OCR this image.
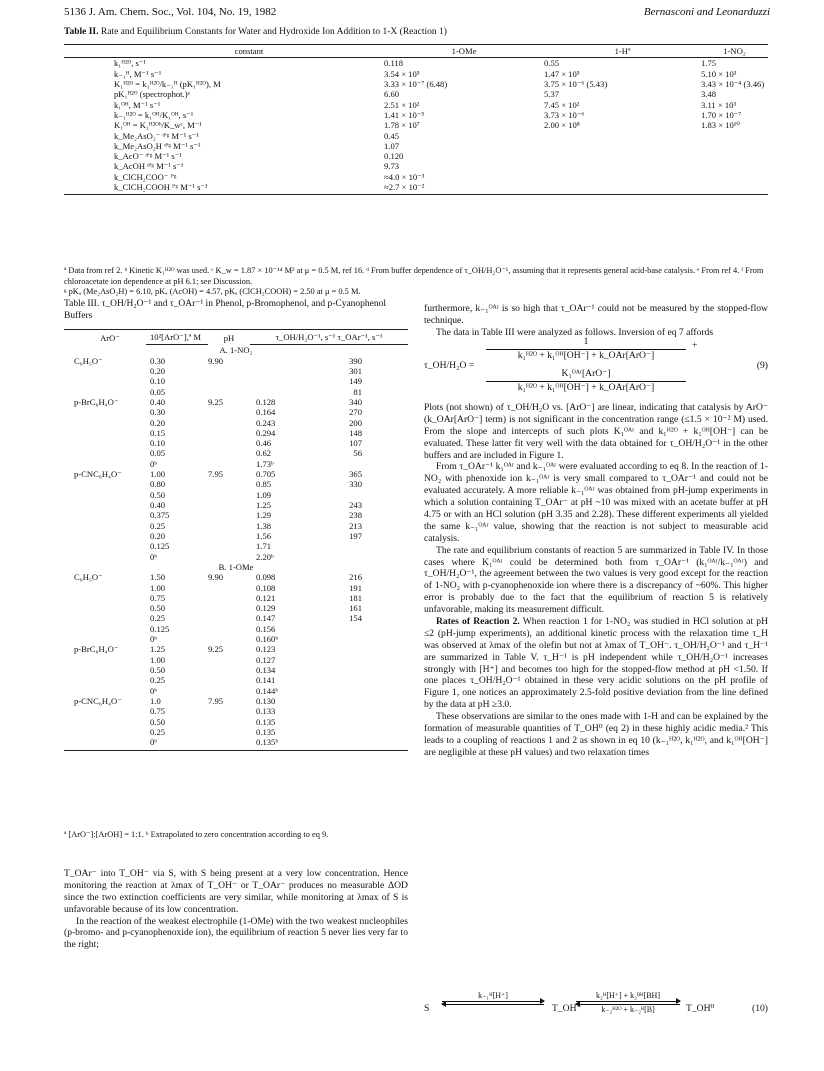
5136 J. Am. Chem. Soc., Vol. 104, No. 19, 1982	Bernasconi and Leonarduzzi
Table II. Rate and Equilibrium Constants for Water and Hydroxide Ion Addition to 1-X (Reaction 1)
constant	1-OMe	1-Hª	1-NO₂
k₁ᴴ²ᴼ, s⁻¹	0.118	0.55	1.75
k₋₁ᴴ, M⁻¹ s⁻¹	3.54 × 10⁵	1.47 × 10⁵	5.10 × 10³
K₁ᴴ²ᴼ = k₁ᴴ²ᴼ/k₋₁ᴴ (pK₁ᴴ²ᴼ), M	3.33 × 10⁻⁷ (6.48)	3.75 × 10⁻⁶ (5.43)	3.43 × 10⁻⁴ (3.46)
pK₁ᴴ²ᴼ (spectrophot.)ᵉ	6.60	5.37	3.48
k₁ᴼᴴ, M⁻¹ s⁻¹	2.51 × 10²	7.45 × 10²	3.11 × 10³
k₋₁ᴴ²ᴼ = k₁ᴼᴴ/K₁ᴼᴴ, s⁻¹	1.41 × 10⁻⁵	3.73 × 10⁻⁶	1.70 × 10⁻⁷
K₁ᴼᴴ = K₁ᴴ²ᴼᵇ/K_wᶜ, M⁻¹	1.78 × 10⁷	2.00 × 10⁸	1.83 × 10¹⁰
k_Me₂AsO₂⁻ ᵈ'ᵍ M⁻¹ s⁻¹	0.45		
k_Me₂AsO₂H ᵈ'ᵍ M⁻¹ s⁻¹	1.07		
k_AcO⁻ ᵈ'ᵍ M⁻¹ s⁻¹	0.120		
k_AcOH ᵈ'ᵍ M⁻¹ s⁻¹	9.73		
k_ClCH₂COO⁻ ᶠ'ᵍ	≈4.0 × 10⁻³		
k_ClCH₂COOH ᶠ'ᵍ M⁻¹ s⁻¹	≈2.7 × 10⁻²		
ª Data from ref 2. ᵇ Kinetic K₁ᴴ²ᴼ was used. ᶜ K_w = 1.87 × 10⁻¹⁴ M² at μ = 0.5 M, ref 16. ᵈ From buffer dependence of τ_OH/H₂O⁻¹, assuming that it represents general acid-base catalysis. ᵉ From ref 4. ᶠ From chloroacetate ion dependence at pH 6.1; see Discussion.
ᵍ pKₐ (Me₂AsO₂H) = 6.10, pKₐ (AcOH) = 4.57, pKₐ (ClCH₂COOH) = 2.50 at μ = 0.5 M.
Table III. τ_OH/H₂O⁻¹ and τ_OAr⁻¹ in Phenol, p-Bromophenol, and p-Cyanophenol Buffers
ArO⁻	10²[ArO⁻],ª M	pH	τ_OH/H₂O⁻¹, s⁻¹ τ_OAr⁻¹, s⁻¹	

A. 1-NO₂				
C₆H₅O⁻	0.30	9.90		390
	0.20			301
	0.10			149
	0.05			81
p-BrC₆H₄O⁻	0.40	9.25	0.128	340
	0.30		0.164	270
	0.20		0.243	200
	0.15		0.294	148
	0.10		0.46	107
	0.05		0.62	56
	0ᵇ		1.73ᵇ	
p-CNC₆H₄O⁻	1.00	7.95	0.705	365
	0.80		0.85	330
	0.50		1.09	
	0.40		1.25	243
	0.375		1.29	238
	0.25		1.38	213
	0.20		1.56	197
	0.125		1.71	
	0ᵇ		2.20ᵇ	
B. 1-OMe				
C₆H₅O⁻	1.50	9.90	0.098	216
	1.00		0.108	191
	0.75		0.121	181
	0.50		0.129	161
	0.25		0.147	154
	0.125		0.156	
	0ᵇ		0.160ᵇ	
p-BrC₆H₄O⁻	1.25	9.25	0.123	
	1.00		0.127	
	0.50		0.134	
	0.25		0.141	
	0ᵇ		0.144ᵇ	
p-CNC₆H₄O⁻	1.0	7.95	0.130	
	0.75		0.133	
	0.50		0.135	
	0.25		0.135	
	0ᵇ		0.135ᵇ	
ª [ArO⁻]:[ArOH] = 1:1. ᵇ Extrapolated to zero concentration according to eq 9.

T_OAr⁻ into T_OH⁻ via S, with S being present at a very low concentration. Hence monitoring the reaction at λmax of T_OH⁻ or T_OAr⁻ produces no measurable ΔOD since the two extinction coefficients are very similar, while monitoring at λmax of S is unfavorable because of its low concentration.

In the reaction of the weakest electrophile (1-OMe) with the two weakest nucleophiles (p-bromo- and p-cyanophenoxide ion), the equilibrium of reaction 5 never lies very far to the right;

furthermore, k₋₁ᴼᴬʳ is so high that τ_OAr⁻¹ could not be measured by the stopped-flow technique.

The data in Table III were analyzed as follows. Inversion of eq 7 affords

τ_OH/H₂O =
1
k₁ᴴ²ᴼ + k₁ᴼᴴ[OH⁻] + k_OAr[ArO⁻]
+
K₁ᴼᴬʳ[ArO⁻]
k₁ᴴ²ᴼ + k₁ᴼᴴ[OH⁻] + k_OAr[ArO⁻]
(9)

Plots (not shown) of τ_OH/H₂O vs. [ArO⁻] are linear, indicating that catalysis by ArO⁻ (k_OAr[ArO⁻] term) is not significant in the concentration range (≤1.5 × 10⁻² M) used. From the slope and intercepts of such plots K₁ᴼᴬʳ and k₁ᴴ²ᴼ + k₁ᴼᴴ[OH⁻] can be evaluated. These latter fit very well with the data obtained for τ_OH/H₂O⁻¹ in the other buffers and are included in Figure 1.

From τ_OAr⁻¹ k₁ᴼᴬʳ and k₋₁ᴼᴬʳ were evaluated according to eq 8. In the reaction of 1-NO₂ with phenoxide ion k₋₁ᴼᴬʳ is very small compared to τ_OAr⁻¹ and could not be evaluated accurately. A more reliable k₋₁ᴼᴬʳ was obtained from pH-jump experiments in which a solution containing T_OAr⁻ at pH ~10 was mixed with an acetate buffer at pH 4.75 or with an HCl solution (pH 3.35 and 2.28). These different experiments all yielded the same k₋₁ᴼᴬʳ value, showing that the reaction is not subject to measurable acid catalysis.

The rate and equilibrium constants of reaction 5 are summarized in Table IV. In those cases where K₁ᴼᴬʳ could be determined both from τ_OAr⁻¹ (k₁ᴼᴬʳ/k₋₁ᴼᴬʳ) and τ_OH/H₂O⁻¹, the agreement between the two values is very good except for the reaction of 1-NO₂ with p-cyanophenoxide ion where there is a discrepancy of ~60%. This higher error is probably due to the fact that the equilibrium of reaction 5 is relatively unfavorable, making its measurement difficult.

Rates of Reaction 2. When reaction 1 for 1-NO₂ was studied in HCl solution at pH ≤2 (pH-jump experiments), an additional kinetic process with the relaxation time τ_H was observed at λmax of the olefin but not at λmax of T_OH⁻. τ_OH/H₂O⁻¹ and τ_H⁻¹ are summarized in Table V. τ_H⁻¹ is pH independent while τ_OH/H₂O⁻¹ increases strongly with [H⁺] and becomes too high for the stopped-flow method at pH <1.50. If one places τ_OH/H₂O⁻¹ obtained in these very acidic solutions on the pH profile of Figure 1, one notices an approximately 2.5-fold positive deviation from the line defined by the data at pH ≥3.0.

These observations are similar to the ones made with 1-H and can be explained by the formation of measurable quantities of T_OH⁰ (eq 2) in these highly acidic media.² This leads to a coupling of reactions 1 and 2 as shown in eq 10 (k₋₁ᴴ²ᴼ, k₁ᴴ²ᴼ, and k₁ᴼᴴ[OH⁻] are negligible at these pH values) and two relaxation times

S
k₋₁ᴴ[H⁺]
T_OH⁻
k₂ᴴ[H⁺] + k₂ᴮᴴ[BH]
k₋₂ᴴ²ᴼ + k₋₂ᴮ[B]	T_OH⁰	(10)
